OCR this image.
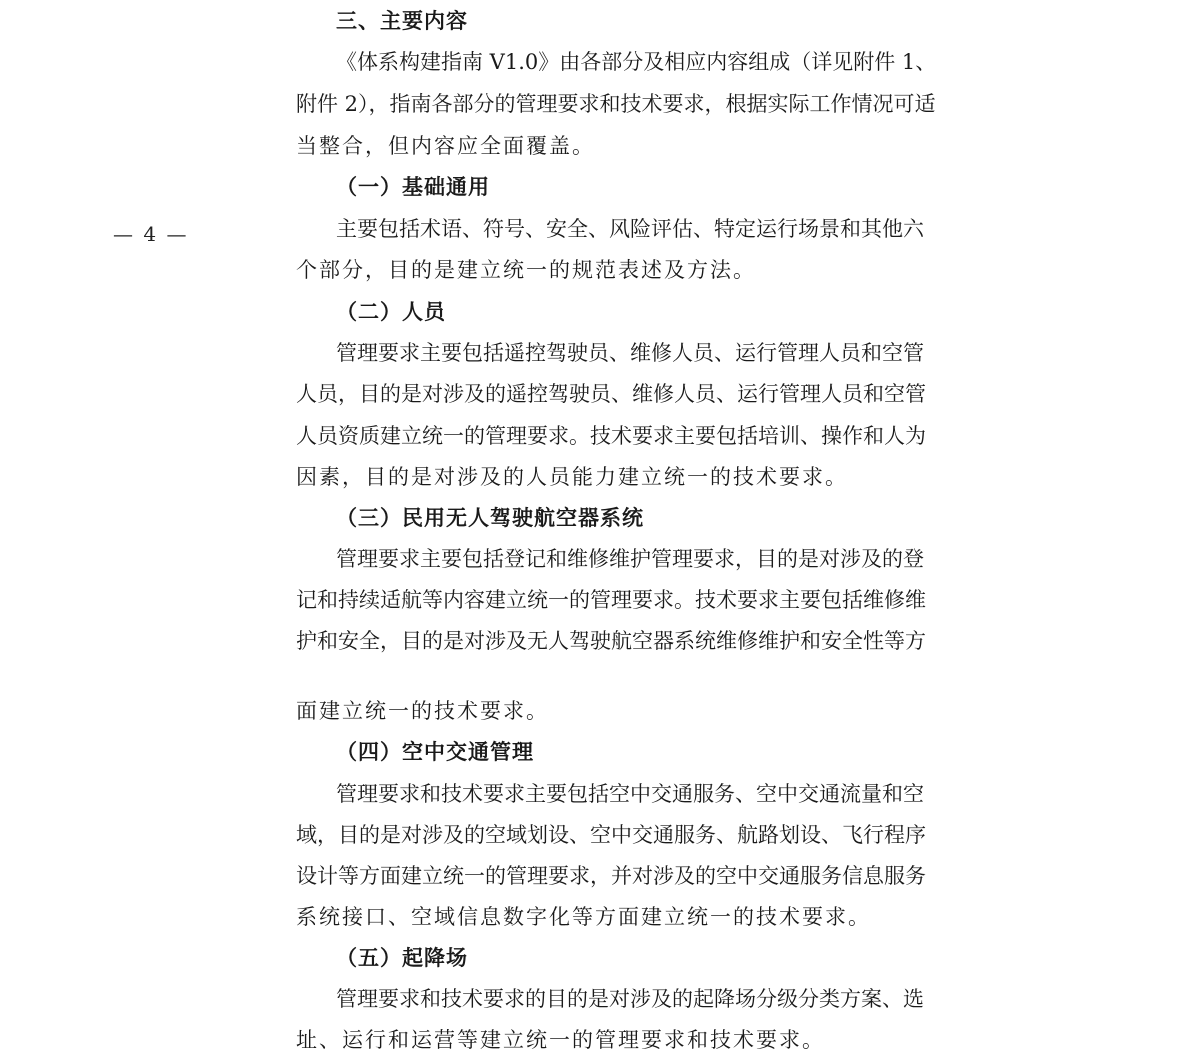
— 4 —
三、主要内容
《体系构建指南 V1.0》由各部分及相应内容组成（详见附件 1、
附件 2），指南各部分的管理要求和技术要求，根据实际工作情况可适
当整合，但内容应全面覆盖。
（一）基础通用
主要包括术语、符号、安全、风险评估、特定运行场景和其他六
个部分，目的是建立统一的规范表述及方法。
（二）人员
管理要求主要包括遥控驾驶员、维修人员、运行管理人员和空管
人员，目的是对涉及的遥控驾驶员、维修人员、运行管理人员和空管
人员资质建立统一的管理要求。技术要求主要包括培训、操作和人为
因素，目的是对涉及的人员能力建立统一的技术要求。
（三）民用无人驾驶航空器系统
管理要求主要包括登记和维修维护管理要求，目的是对涉及的登
记和持续适航等内容建立统一的管理要求。技术要求主要包括维修维
护和安全，目的是对涉及无人驾驶航空器系统维修维护和安全性等方
面建立统一的技术要求。
（四）空中交通管理
管理要求和技术要求主要包括空中交通服务、空中交通流量和空
域，目的是对涉及的空域划设、空中交通服务、航路划设、飞行程序
设计等方面建立统一的管理要求，并对涉及的空中交通服务信息服务
系统接口、空域信息数字化等方面建立统一的技术要求。
（五）起降场
管理要求和技术要求的目的是对涉及的起降场分级分类方案、选
址、运行和运营等建立统一的管理要求和技术要求。
